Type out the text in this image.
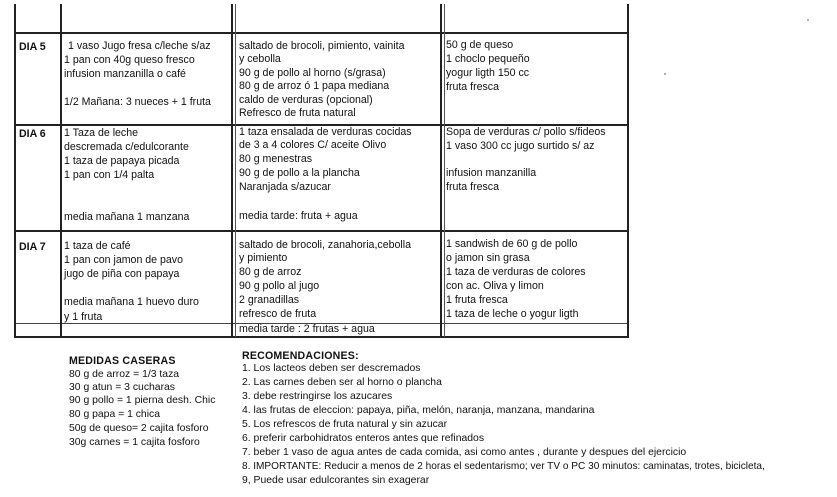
DIA 5 1 vaso Jugo fresa c/leche s/az
1 pan con 40g queso fresco
infusion manzanilla o café
1/2 Mañana: 3 nueces + 1 fruta
saltado de brocoli, pimiento, vainita
y cebolla
90 g de pollo al horno (s/grasa)
80 g de arroz ó 1 papa mediana
caldo de verduras (opcional)
Refresco de fruta natural
50 g de queso
1 choclo pequeño
yogur ligth 150 cc
fruta fresca
DIA 6 1 Taza de leche
descremada c/edulcorante
1 taza de papaya picada
1 pan con 1/4 palta
media mañana 1 manzana
1 taza ensalada de verduras cocidas
de 3 a 4 colores C/ aceite Olivo
80 g menestras
90 g de pollo a la plancha
Naranjada s/azucar
media tarde: fruta + agua
Sopa de verduras c/ pollo s/fideos
1 vaso 300 cc jugo surtido s/ az
infusion manzanilla
fruta fresca
DIA 7 1 taza de café
1 pan con jamon de pavo
jugo de piña con papaya
media mañana 1 huevo duro
y 1 fruta
saltado de brocoli, zanahoria,cebolla
y pimiento
80 g de arroz
90 g pollo al jugo
2 granadillas
refresco de fruta
media tarde : 2 frutas + agua
1 sandwish de 60 g de pollo
o jamon sin grasa
1 taza de verduras de colores
con ac. Oliva y limon
1 fruta fresca
1 taza de leche o yogur ligth
MEDIDAS CASERAS
80 g de arroz = 1/3 taza
30 g atun = 3 cucharas
90 g pollo = 1 pierna desh. Chic
80 g papa = 1 chica
50g de queso= 2 cajita fosforo
30g carnes = 1 cajita fosforo
RECOMENDACIONES:
1. Los lacteos deben ser descremados
2. Las carnes deben ser al horno o plancha
3. debe restringirse los azucares
4. las frutas de eleccion: papaya, piña, melón, naranja, manzana, mandarina
5. Los refrescos de fruta natural y sin azucar
6. preferir carbohidratos enteros antes que refinados
7. beber 1 vaso de agua antes de cada comida, asi como antes , durante y despues del ejercicio
8. IMPORTANTE: Reducir a menos de 2 horas el sedentarismo; ver TV o PC 30 minutos: caminatas, trotes, bicicleta,
9, Puede usar edulcorantes sin exagerar
